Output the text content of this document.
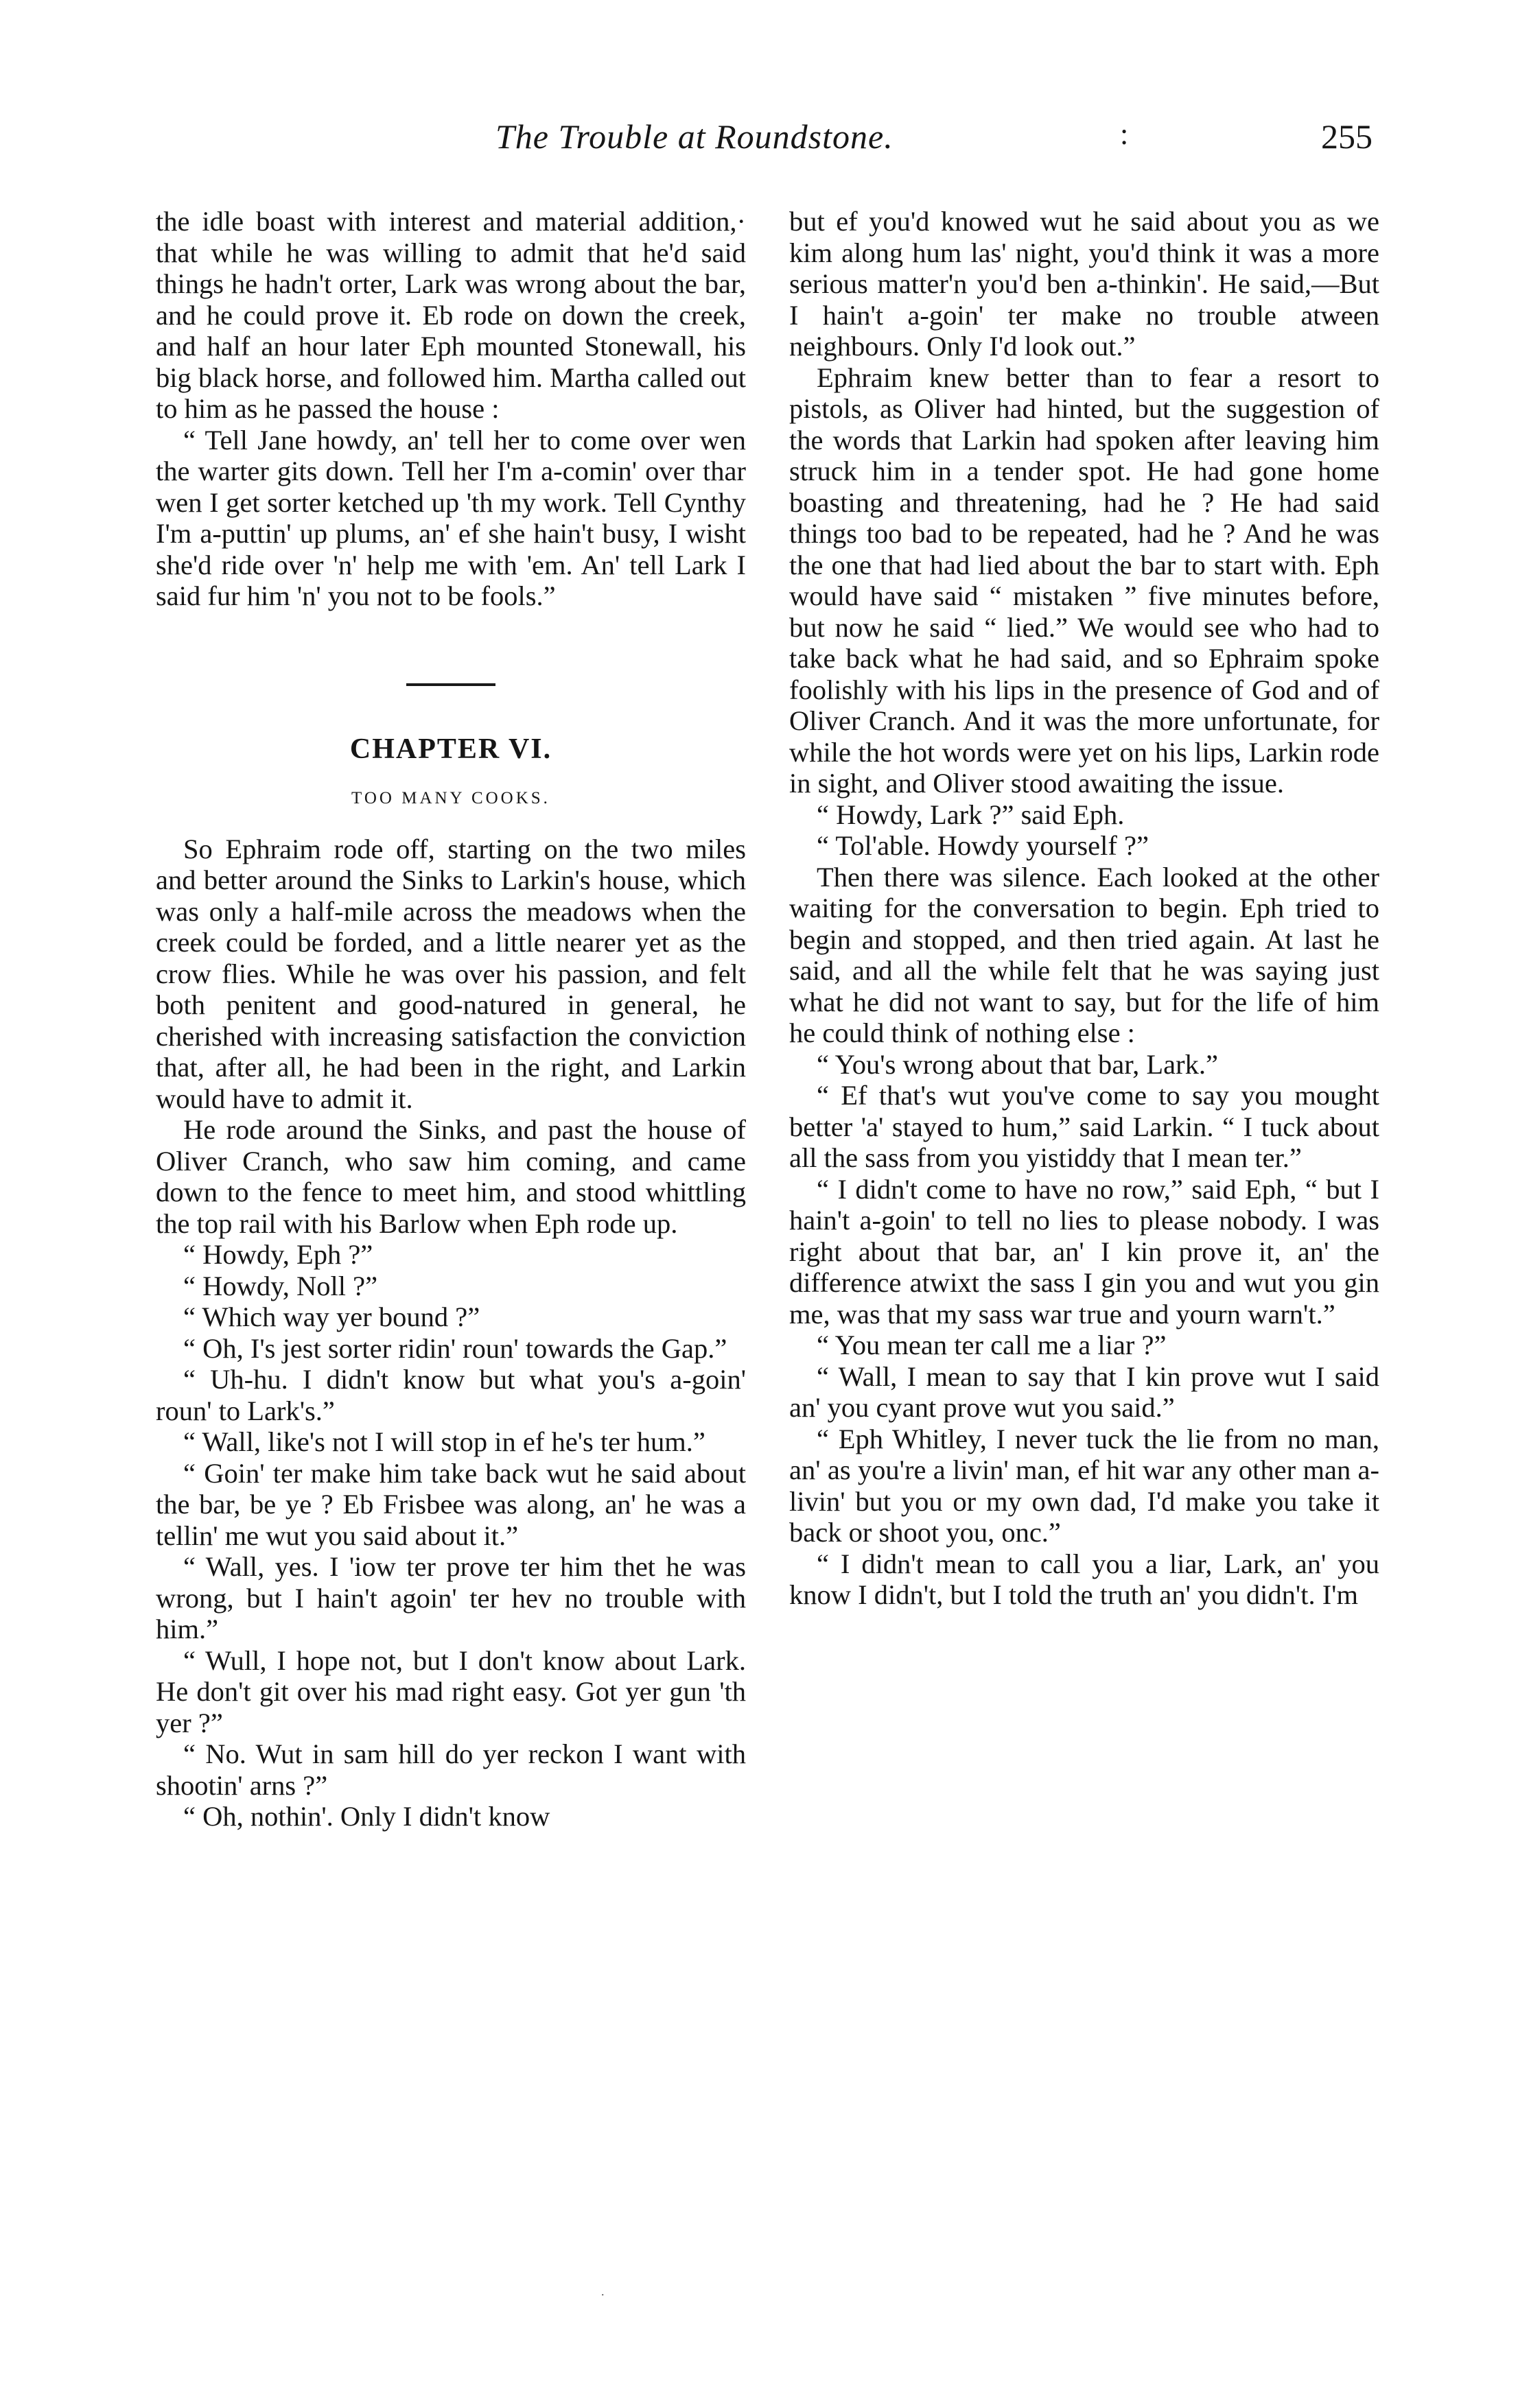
The Trouble at Roundstone.	:	255

the idle boast with interest and material addition,· that while he was willing to admit that he'd said things he hadn't orter, Lark was wrong about the bar, and he could prove it. Eb rode on down the creek, and half an hour later Eph mounted Stonewall, his big black horse, and followed him. Martha called out to him as he passed the house :

“ Tell Jane howdy, an' tell her to come over wen the warter gits down. Tell her I'm a-comin' over thar wen I get sorter ketched up 'th my work. Tell Cynthy I'm a-puttin' up plums, an' ef she hain't busy, I wisht she'd ride over 'n' help me with 'em. An' tell Lark I said fur him 'n' you not to be fools.”

CHAPTER VI.
TOO MANY COOKS.

So Ephraim rode off, starting on the two miles and better around the Sinks to Larkin's house, which was only a half-mile across the meadows when the creek could be forded, and a little nearer yet as the crow flies. While he was over his passion, and felt both penitent and good-natured in general, he cherished with increasing satisfaction the conviction that, after all, he had been in the right, and Larkin would have to admit it.

He rode around the Sinks, and past the house of Oliver Cranch, who saw him coming, and came down to the fence to meet him, and stood whittling the top rail with his Barlow when Eph rode up.

“ Howdy, Eph ?”

“ Howdy, Noll ?”

“ Which way yer bound ?”

“ Oh, I's jest sorter ridin' roun' towards the Gap.”

“ Uh-hu. I didn't know but what you's a-goin' roun' to Lark's.”

“ Wall, like's not I will stop in ef he's ter hum.”

“ Goin' ter make him take back wut he said about the bar, be ye ? Eb Frisbee was along, an' he was a tellin' me wut you said about it.”

“ Wall, yes. I 'iow ter prove ter him thet he was wrong, but I hain't agoin' ter hev no trouble with him.”

“ Wull, I hope not, but I don't know about Lark. He don't git over his mad right easy. Got yer gun 'th yer ?”

“ No. Wut in sam hill do yer reckon I want with shootin' arns ?”

“ Oh, nothin'. Only I didn't know

but ef you'd knowed wut he said about you as we kim along hum las' night, you'd think it was a more serious matter'n you'd ben a-thinkin'. He said,—But I hain't a-goin' ter make no trouble atween neighbours. Only I'd look out.”

Ephraim knew better than to fear a resort to pistols, as Oliver had hinted, but the suggestion of the words that Larkin had spoken after leaving him struck him in a tender spot. He had gone home boasting and threatening, had he ? He had said things too bad to be repeated, had he ? And he was the one that had lied about the bar to start with. Eph would have said “ mistaken ” five minutes before, but now he said “ lied.” We would see who had to take back what he had said, and so Ephraim spoke foolishly with his lips in the presence of God and of Oliver Cranch. And it was the more unfortunate, for while the hot words were yet on his lips, Larkin rode in sight, and Oliver stood awaiting the issue.

“ Howdy, Lark ?” said Eph.

“ Tol'able. Howdy yourself ?”

Then there was silence. Each looked at the other waiting for the conversation to begin. Eph tried to begin and stopped, and then tried again. At last he said, and all the while felt that he was saying just what he did not want to say, but for the life of him he could think of nothing else :

“ You's wrong about that bar, Lark.”

“ Ef that's wut you've come to say you mought better 'a' stayed to hum,” said Larkin. “ I tuck about all the sass from you yistiddy that I mean ter.”

“ I didn't come to have no row,” said Eph, “ but I hain't a-goin' to tell no lies to please nobody. I was right about that bar, an' I kin prove it, an' the difference atwixt the sass I gin you and wut you gin me, was that my sass war true and yourn warn't.”

“ You mean ter call me a liar ?”

“ Wall, I mean to say that I kin prove wut I said an' you cyant prove wut you said.”

“ Eph Whitley, I never tuck the lie from no man, an' as you're a livin' man, ef hit war any other man a-livin' but you or my own dad, I'd make you take it back or shoot you, onc.”

“ I didn't mean to call you a liar, Lark, an' you know I didn't, but I told the truth an' you didn't. I'm

.
